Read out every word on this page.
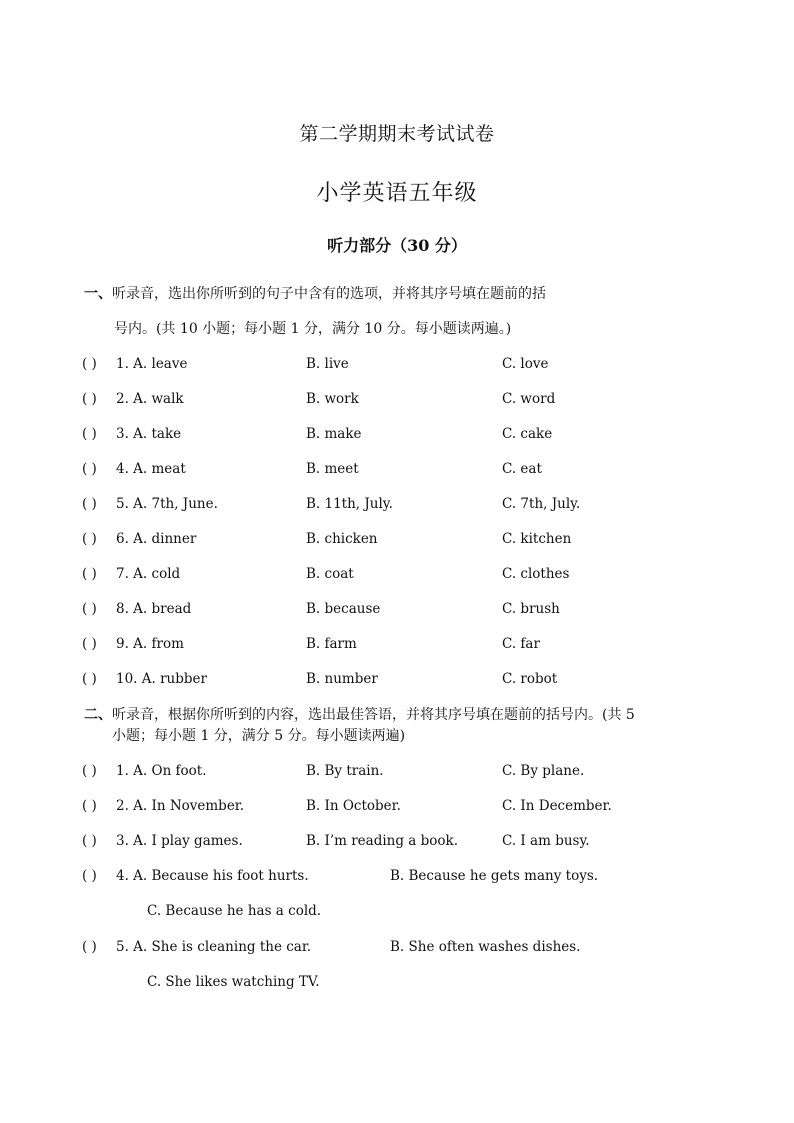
第二学期期末考试试卷
小学英语五年级
听力部分（30 分）
一、听录音，选出你所听到的句子中含有的选项，并将其序号填在题前的括
号内。(共 10 小题；每小题 1 分，满分 10 分。每小题读两遍。)
( ) 1. A. leave	B. live	C. love
( ) 2. A. walk	B. work	C. word
( ) 3. A. take	B. make	C. cake
( ) 4. A. meat	B. meet	C. eat
( ) 5. A. 7th, June.	B. 11th, July.	C. 7th, July.
( ) 6. A. dinner	B. chicken	C. kitchen
( ) 7. A. cold	B. coat	C. clothes
( ) 8. A. bread	B. because	C. brush
( ) 9. A. from	B. farm	C. far
( ) 10. A. rubber	B. number	C. robot
二、听录音，根据你所听到的内容，选出最佳答语，并将其序号填在题前的括号内。(共 5
小题；每小题 1 分，满分 5 分。每小题读两遍)
( ) 1. A. On foot.	B. By train.	C. By plane.
( ) 2. A. In November.	B. In October.	C. In December.
( ) 3. A. I play games.	B. I’m reading a book.	C. I am busy.
( ) 4. A. Because his foot hurts.	B. Because he gets many toys.
C. Because he has a cold.
( ) 5. A. She is cleaning the car.	B. She often washes dishes.
C. She likes watching TV.
